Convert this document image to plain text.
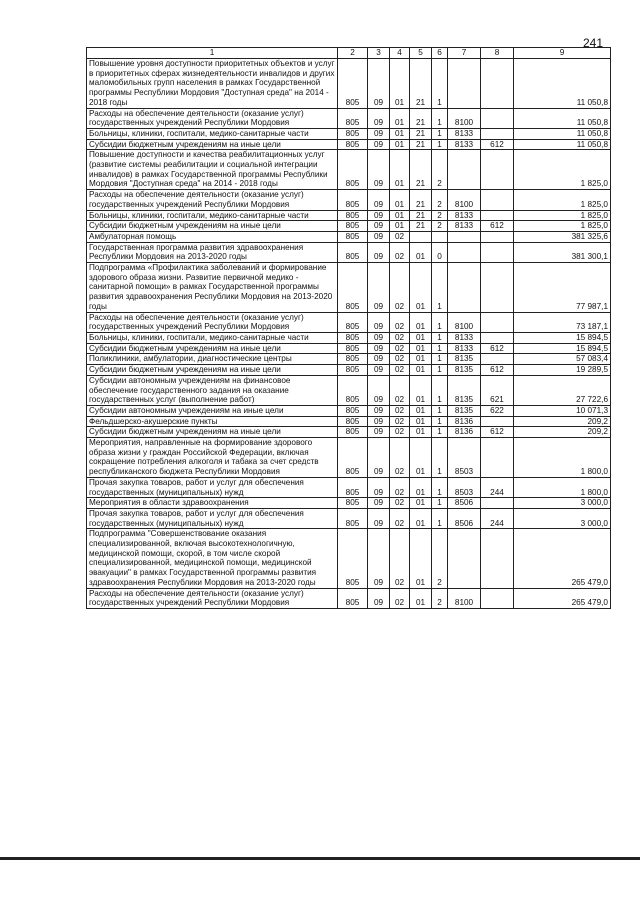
241
1	2	3	4	5	6	7	8	9
Повышение уровня доступности приоритетных объектов и услуг в приоритетных сферах жизнедеятельности инвалидов и других маломобильных групп населения в рамках Государственной программы Республики Мордовия "Доступная среда" на 2014 - 2018 годы	805	09	01	21	1			11 050,8
Расходы на обеспечение деятельности (оказание услуг) государственных учреждений Республики Мордовия	805	09	01	21	1	8100		11 050,8
Больницы, клиники, госпитали, медико-санитарные части	805	09	01	21	1	8133		11 050,8
Субсидии бюджетным учреждениям на иные цели	805	09	01	21	1	8133	612	11 050,8
Повышение доступности и качества реабилитационных услуг (развитие системы реабилитации и социальной интеграции инвалидов) в рамках Государственной программы Республики Мордовия "Доступная среда" на 2014 - 2018 годы	805	09	01	21	2			1 825,0
Расходы на обеспечение деятельности (оказание услуг) государственных учреждений Республики Мордовия	805	09	01	21	2	8100		1 825,0
Больницы, клиники, госпитали, медико-санитарные части	805	09	01	21	2	8133		1 825,0
Субсидии бюджетным учреждениям на иные цели	805	09	01	21	2	8133	612	1 825,0
Амбулаторная помощь	805	09	02					381 325,6
Государственная программа развития здравоохранения Республики Мордовия на 2013-2020 годы	805	09	02	01	0			381 300,1
Подпрограмма «Профилактика заболеваний и формирование здорового образа жизни. Развитие первичной медико - санитарной помощи» в рамках Государственной программы развития здравоохранения Республики Мордовия на 2013-2020 годы	805	09	02	01	1			77 987,1
Расходы на обеспечение деятельности (оказание услуг) государственных учреждений Республики Мордовия	805	09	02	01	1	8100		73 187,1
Больницы, клиники, госпитали, медико-санитарные части	805	09	02	01	1	8133		15 894,5
Субсидии бюджетным учреждениям на иные цели	805	09	02	01	1	8133	612	15 894,5
Поликлиники, амбулатории, диагностические центры	805	09	02	01	1	8135		57 083,4
Субсидии бюджетным учреждениям на иные цели	805	09	02	01	1	8135	612	19 289,5
Субсидии автономным учреждениям на финансовое обеспечение государственного задания на оказание государственных услуг (выполнение работ)	805	09	02	01	1	8135	621	27 722,6
Субсидии автономным учреждениям на иные цели	805	09	02	01	1	8135	622	10 071,3
Фельдшерско-акушерские пункты	805	09	02	01	1	8136		209,2
Субсидии бюджетным учреждениям на иные цели	805	09	02	01	1	8136	612	209,2
Мероприятия, направленные на формирование здорового образа жизни у граждан Российской Федерации, включая сокращение потребления алкоголя и табака за счет средств республиканского бюджета Республики Мордовия	805	09	02	01	1	8503		1 800,0
Прочая закупка товаров, работ и услуг для обеспечения государственных (муниципальных) нужд	805	09	02	01	1	8503	244	1 800,0
Мероприятия в области здравоохранения	805	09	02	01	1	8506		3 000,0
Прочая закупка товаров, работ и услуг для обеспечения государственных (муниципальных) нужд	805	09	02	01	1	8506	244	3 000,0
Подпрограмма "Совершенствование оказания специализированной, включая высокотехнологичную, медицинской помощи, скорой, в том числе скорой специализированной, медицинской помощи, медицинской эвакуации" в рамках Государственной программы развития здравоохранения Республики Мордовия на 2013-2020 годы	805	09	02	01	2			265 479,0
Расходы на обеспечение деятельности (оказание услуг) государственных учреждений Республики Мордовия	805	09	02	01	2	8100		265 479,0
